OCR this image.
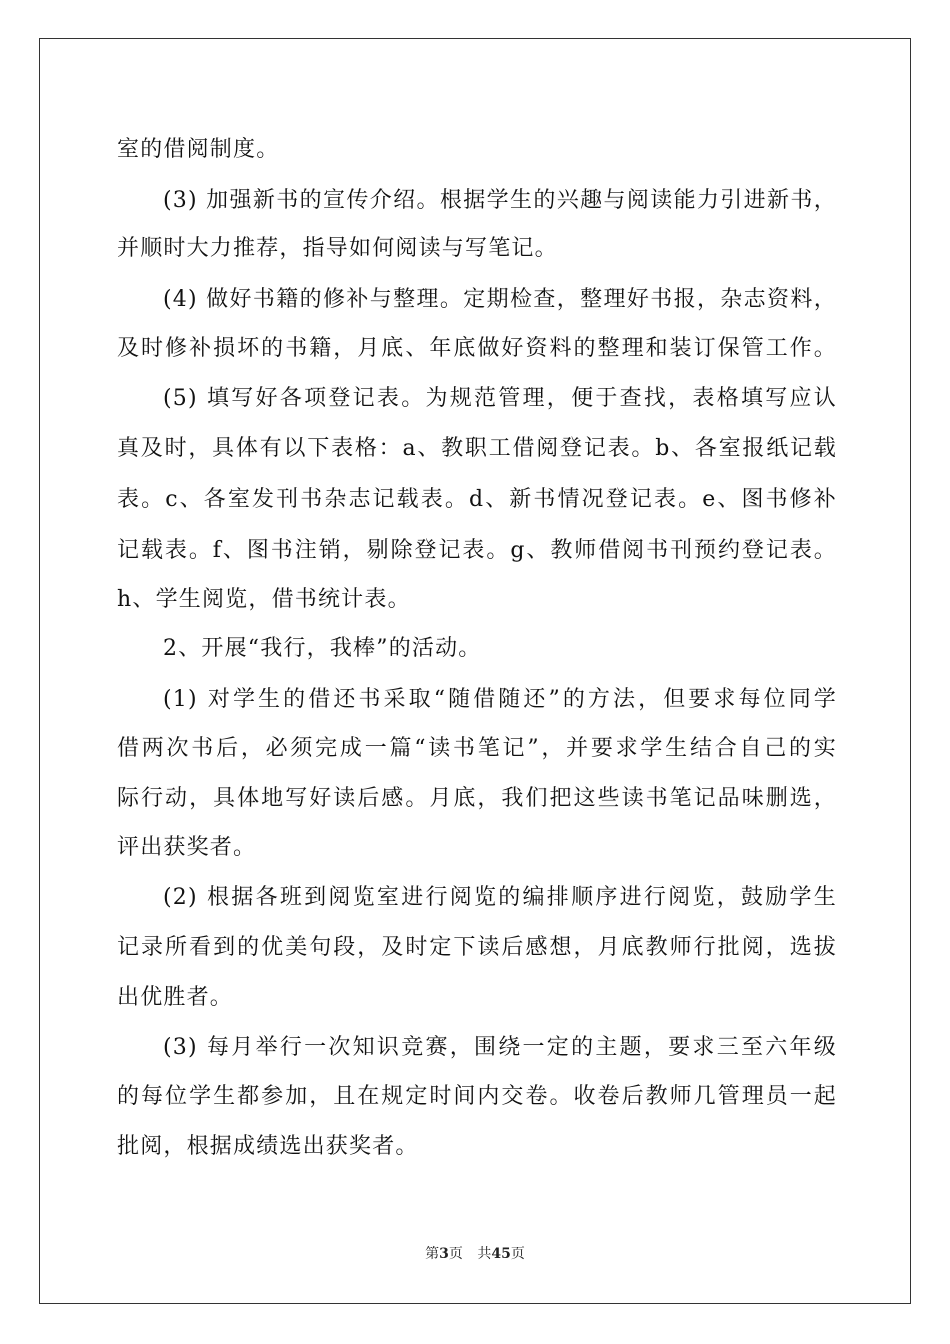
室的借阅制度。
(3) 加强新书的宣传介绍。根据学生的兴趣与阅读能力引进新书，
并顺时大力推荐，指导如何阅读与写笔记。
(4) 做好书籍的修补与整理。定期检查，整理好书报，杂志资料，
及时修补损坏的书籍，月底、年底做好资料的整理和装订保管工作。
(5) 填写好各项登记表。为规范管理，便于查找，表格填写应认
真及时，具体有以下表格：a、教职工借阅登记表。b、各室报纸记载
表。c、各室发刊书杂志记载表。d、新书情况登记表。e、图书修补
记载表。f、图书注销，剔除登记表。g、教师借阅书刊预约登记表。
h、学生阅览，借书统计表。
2、开展“我行，我棒”的活动。
(1) 对学生的借还书采取“随借随还”的方法，但要求每位同学
借两次书后，必须完成一篇“读书笔记”，并要求学生结合自己的实
际行动，具体地写好读后感。月底，我们把这些读书笔记品味删选，
评出获奖者。
(2) 根据各班到阅览室进行阅览的编排顺序进行阅览，鼓励学生
记录所看到的优美句段，及时定下读后感想，月底教师行批阅，选拔
出优胜者。
(3) 每月举行一次知识竞赛，围绕一定的主题，要求三至六年级
的每位学生都参加，且在规定时间内交卷。收卷后教师几管理员一起
批阅，根据成绩选出获奖者。
第3页 共45页
